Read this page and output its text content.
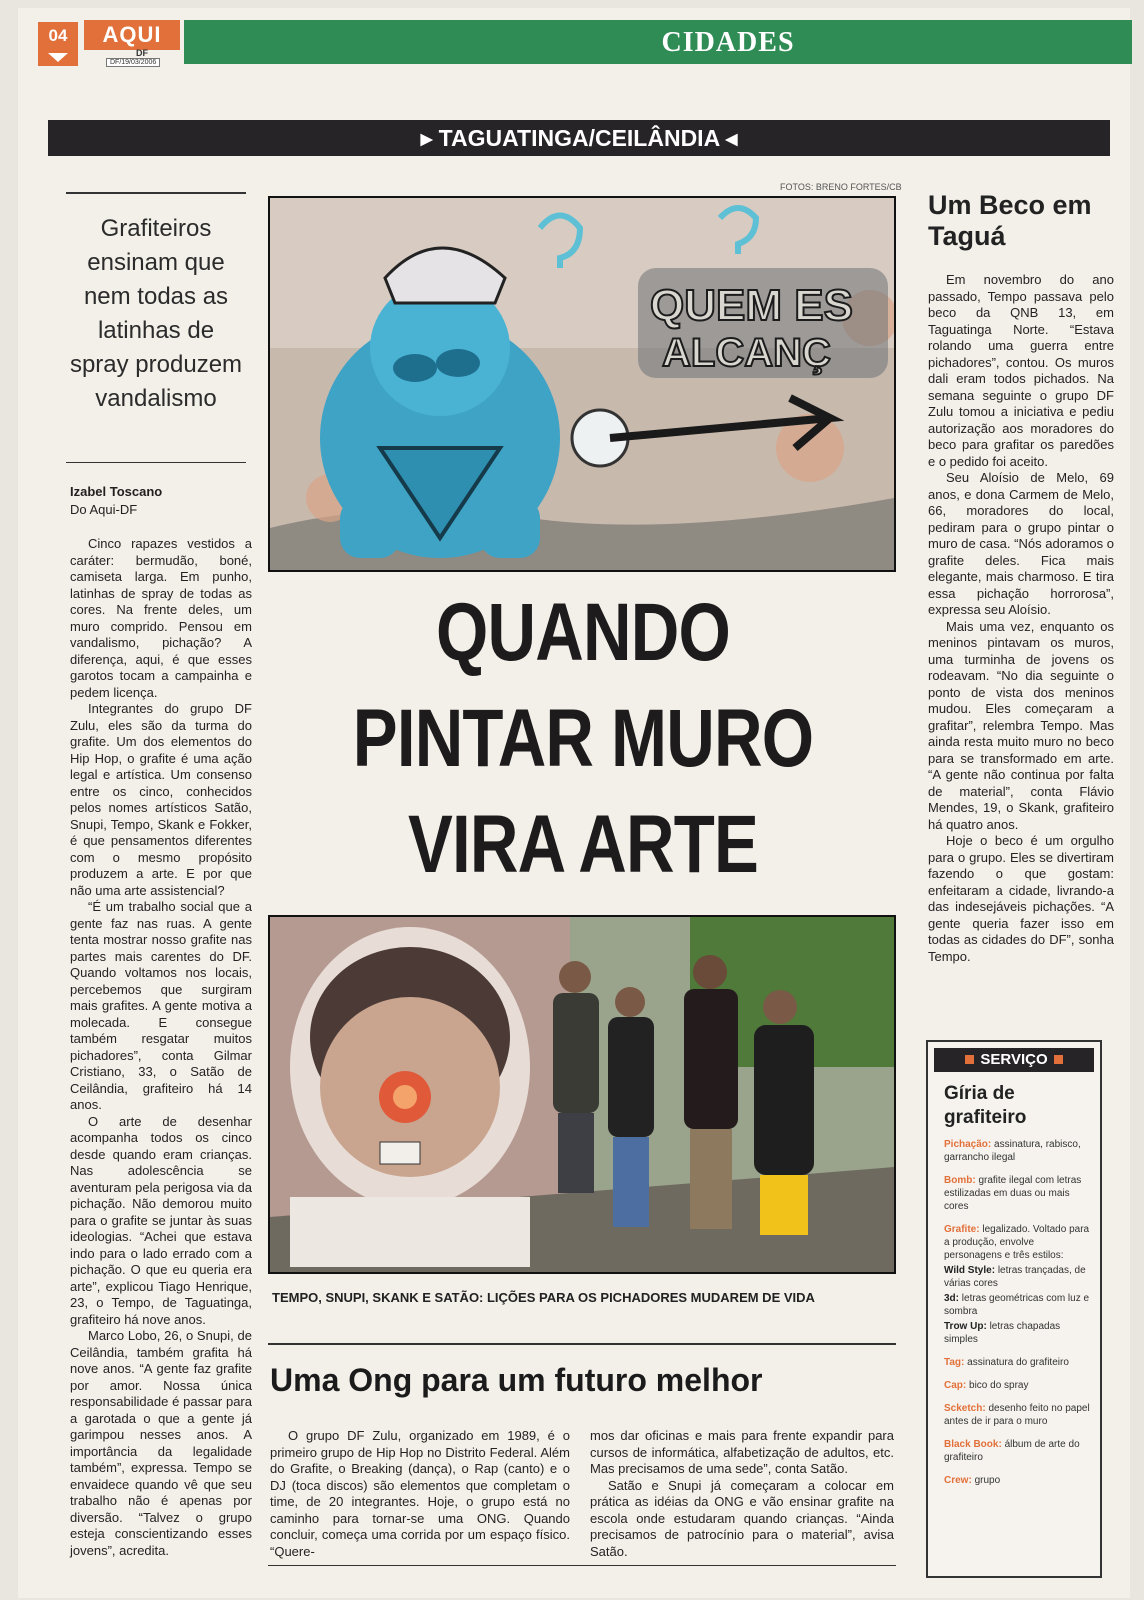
04	AQUI
DF
DF/19/03/2006
CIDADES
▸ TAGUATINGA/CEILÂNDIA ◂
Grafiteiros ensinam que nem todas as latinhas de spray produzem vandalismo
Izabel Toscano
Do Aqui-DF

Cinco rapazes vestidos a caráter: bermudão, boné, camiseta larga. Em punho, latinhas de spray de todas as cores. Na frente deles, um muro comprido. Pensou em vandalismo, pichação? A diferença, aqui, é que esses garotos tocam a campainha e pedem licença.

Integrantes do grupo DF Zulu, eles são da turma do grafite. Um dos elementos do Hip Hop, o grafite é uma ação legal e artística. Um consenso entre os cinco, conhecidos pelos nomes artísticos Satão, Snupi, Tempo, Skank e Fokker, é que pensamentos diferentes com o mesmo propósito produzem a arte. E por que não uma arte assistencial?

“É um trabalho social que a gente faz nas ruas. A gente tenta mostrar nosso grafite nas partes mais carentes do DF. Quando voltamos nos locais, percebemos que surgiram mais grafites. A gente motiva a molecada. E consegue também resgatar muitos pichadores”, conta Gilmar Cristiano, 33, o Satão de Ceilândia, grafiteiro há 14 anos.

O arte de desenhar acompanha todos os cinco desde quando eram crianças. Nas adolescência se aventuram pela perigosa via da pichação. Não demorou muito para o grafite se juntar às suas ideologias. “Achei que estava indo para o lado errado com a pichação. O que eu queria era arte”, explicou Tiago Henrique, 23, o Tempo, de Taguatinga, grafiteiro há nove anos.

Marco Lobo, 26, o Snupi, de Ceilândia, também grafita há nove anos. “A gente faz grafite por amor. Nossa única responsabilidade é passar para a garotada o que a gente já garimpou nesses anos. A importância da legalidade também”, expressa. Tempo se envaidece quando vê que seu trabalho não é apenas por diversão. “Talvez o grupo esteja conscientizando esses jovens”, acredita.

FOTOS: BRENO FORTES/CB
QUEM ES
ALCANÇ
QUANDO
PINTAR MURO
VIRA ARTE
TEMPO, SNUPI, SKANK E SATÃO: LIÇÕES PARA OS PICHADORES MUDAREM DE VIDA
Uma Ong para um futuro melhor

O grupo DF Zulu, organizado em 1989, é o primeiro grupo de Hip Hop no Distrito Federal. Além do Grafite, o Breaking (dança), o Rap (canto) e o DJ (toca discos) são elementos que completam o time, de 20 integrantes. Hoje, o grupo está no caminho para tornar-se uma ONG. Quando concluir, começa uma corrida por um espaço físico. “Quere-

mos dar oficinas e mais para frente expandir para cursos de informática, alfabetização de adultos, etc. Mas precisamos de uma sede”, conta Satão.

Satão e Snupi já começaram a colocar em prática as idéias da ONG e vão ensinar grafite na escola onde estudaram quando crianças. “Ainda precisamos de patrocínio para o material”, avisa Satão.

Um Beco em Taguá

Em novembro do ano passado, Tempo passava pelo beco da QNB 13, em Taguatinga Norte. “Estava rolando uma guerra entre pichadores”, contou. Os muros dali eram todos pichados. Na semana seguinte o grupo DF Zulu tomou a iniciativa e pediu autorização aos moradores do beco para grafitar os paredões e o pedido foi aceito.

Seu Aloísio de Melo, 69 anos, e dona Carmem de Melo, 66, moradores do local, pediram para o grupo pintar o muro de casa. “Nós adoramos o grafite deles. Fica mais elegante, mais charmoso. E tira essa pichação horrorosa”, expressa seu Aloísio.

Mais uma vez, enquanto os meninos pintavam os muros, uma turminha de jovens os rodeavam. “No dia seguinte o ponto de vista dos meninos mudou. Eles começaram a grafitar”, relembra Tempo. Mas ainda resta muito muro no beco para se transformado em arte. “A gente não continua por falta de material”, conta Flávio Mendes, 19, o Skank, grafiteiro há quatro anos.

Hoje o beco é um orgulho para o grupo. Eles se divertiram fazendo o que gostam: enfeitaram a cidade, livrando-a das indesejáveis pichações. “A gente queria fazer isso em todas as cidades do DF”, sonha Tempo.

SERVIÇO
Gíria de grafiteiro
Pichação: assinatura, rabisco, garrancho ilegal
Bomb: grafite ilegal com letras estilizadas em duas ou mais cores
Grafite: legalizado. Voltado para a produção, envolve personagens e três estilos:
Wild Style: letras trançadas, de várias cores
3d: letras geométricas com luz e sombra
Trow Up: letras chapadas simples
Tag: assinatura do grafiteiro
Cap: bico do spray
Scketch: desenho feito no papel antes de ir para o muro
Black Book: álbum de arte do grafiteiro
Crew: grupo
